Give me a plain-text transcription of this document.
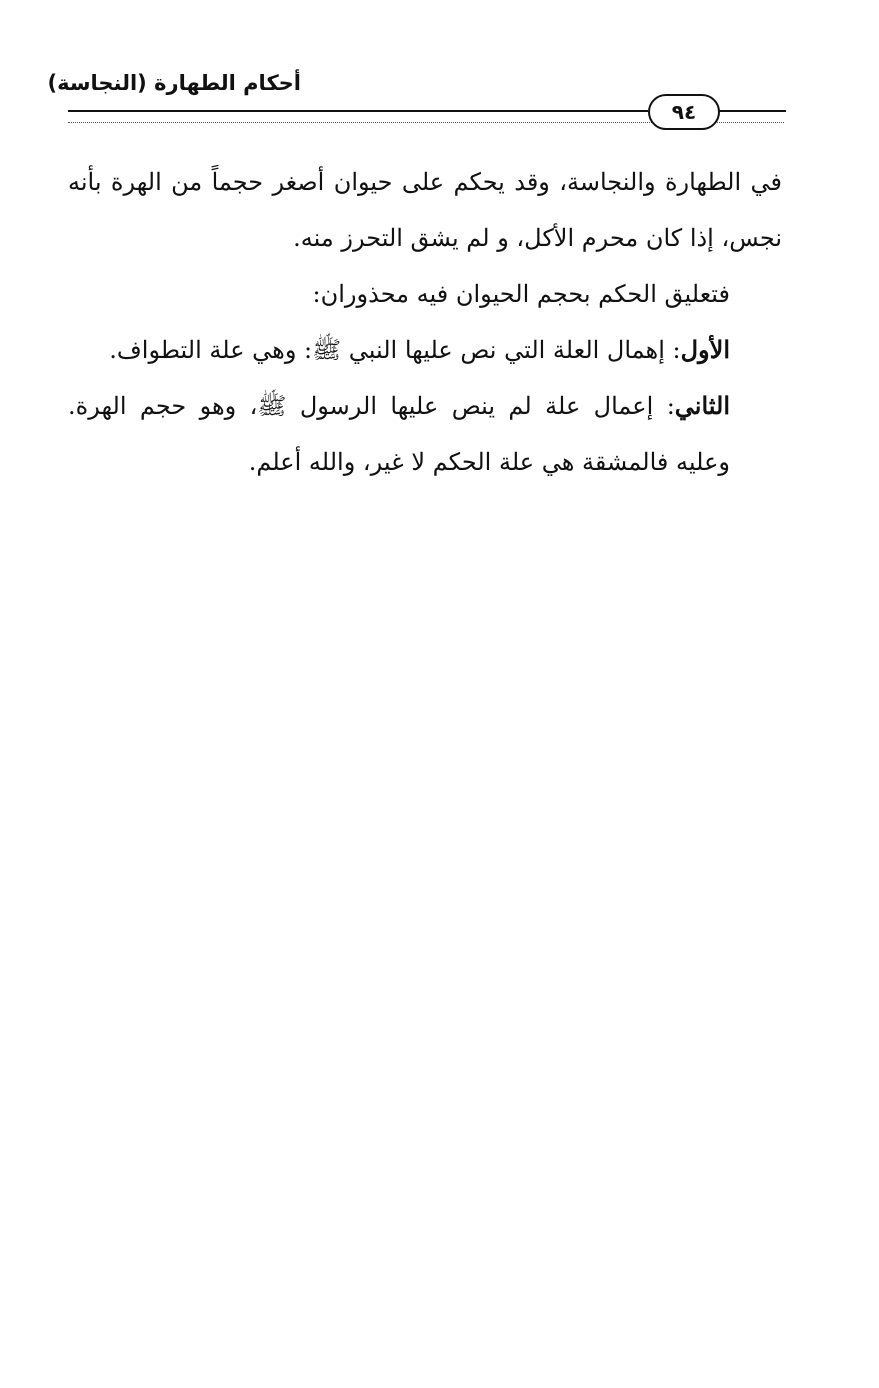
أحكام الطهارة (النجاسة)
٩٤

في الطهارة والنجاسة، وقد يحكم على حيوان أصغر حجماً من الهرة بأنه نجس، إذا كان محرم الأكل، و لم يشق التحرز منه.

فتعليق الحكم بحجم الحيوان فيه محذوران:

الأول: إهمال العلة التي نص عليها النبي ﷺ: وهي علة التطواف.

الثاني: إعمال علة لم ينص عليها الرسول ﷺ، وهو حجم الهرة. وعليه فالمشقة هي علة الحكم لا غير، والله أعلم.
